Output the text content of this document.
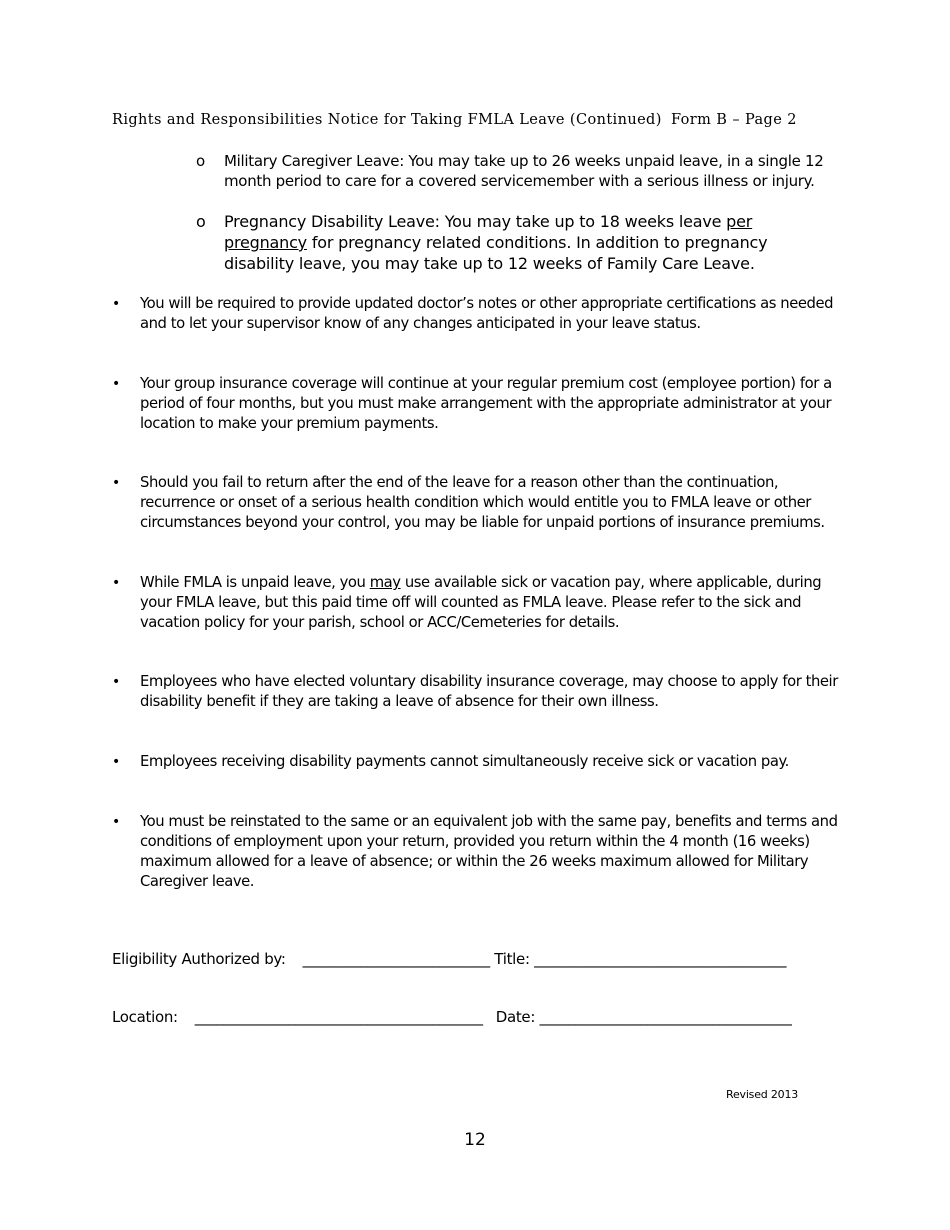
Rights and Responsibilities Notice for Taking FMLA Leave (Continued) Form B – Page 2
o Military Caregiver Leave: You may take up to 26 weeks unpaid leave, in a single 12 month period to care for a covered servicemember with a serious illness or injury.
o Pregnancy Disability Leave: You may take up to 18 weeks leave per pregnancy for pregnancy related conditions. In addition to pregnancy disability leave, you may take up to 12 weeks of Family Care Leave.
• You will be required to provide updated doctor’s notes or other appropriate certifications as needed and to let your supervisor know of any changes anticipated in your leave status.
• Your group insurance coverage will continue at your regular premium cost (employee portion) for a period of four months, but you must make arrangement with the appropriate administrator at your location to make your premium payments.
• Should you fail to return after the end of the leave for a reason other than the continuation, recurrence or onset of a serious health condition which would entitle you to FMLA leave or other circumstances beyond your control, you may be liable for unpaid portions of insurance premiums.
• While FMLA is unpaid leave, you may use available sick or vacation pay, where applicable, during your FMLA leave, but this paid time off will counted as FMLA leave. Please refer to the sick and vacation policy for your parish, school or ACC/Cemeteries for details.
• Employees who have elected voluntary disability insurance coverage, may choose to apply for their disability benefit if they are taking a leave of absence for their own illness.
• Employees receiving disability payments cannot simultaneously receive sick or vacation pay.
• You must be reinstated to the same or an equivalent job with the same pay, benefits and terms and conditions of employment upon your return, provided you return within the 4 month (16 weeks) maximum allowed for a leave of absence; or within the 26 weeks maximum allowed for Military Caregiver leave.
Eligibility Authorized by: __________________________ Title: ___________________________________
Location: ________________________________________ Date: ___________________________________
Revised 2013
12
